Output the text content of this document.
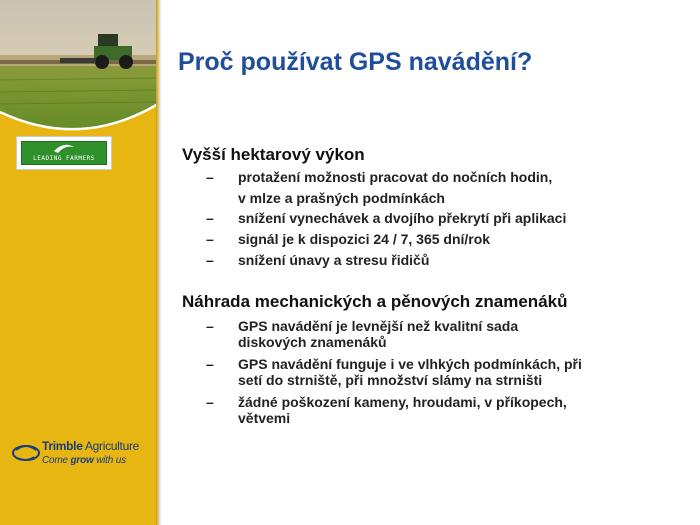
LEADING FARMERS
Trimble Agriculture
Come grow with us
Proč používat GPS navádění?
Vyšší hektarový výkon
– protažení možnosti pracovat do nočních hodin,
v mlze a prašných podmínkách
– snížení vynechávek a dvojího překrytí při aplikaci
– signál je k dispozici 24 / 7, 365 dní/rok
– snížení únavy a stresu řidičů
Náhrada mechanických a pěnových znamenáků
– GPS navádění je levnější než kvalitní sada
diskových znamenáků
– GPS navádění funguje i ve vlhkých podmínkách, při
setí do strniště, při množství slámy na strništi
– žádné poškození kameny, hroudami, v příkopech,
větvemi
